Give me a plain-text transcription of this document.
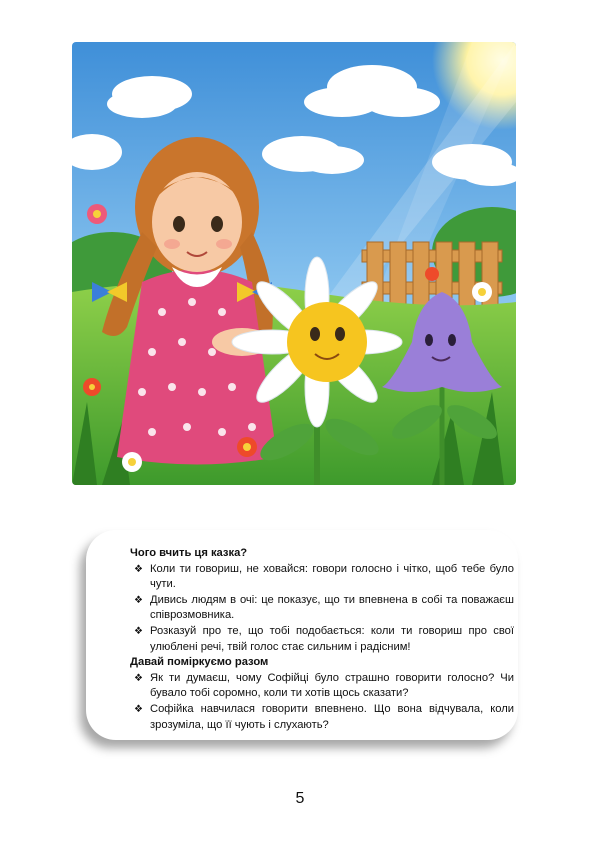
Чого вчить ця казка?

❖ Коли ти говориш, не ховайся: говори голосно і чітко, щоб тебе було чути.
❖ Дивись людям в очі: це показує, що ти впевнена в собі та поважаєш співрозмовника.
❖ Розказуй про те, що тобі подобається: коли ти говориш про свої улюблені речі, твій голос стає сильним і радісним!

Давай поміркуємо разом

❖ Як ти думаєш, чому Софійці було страшно говорити голосно? Чи бувало тобі соромно, коли ти хотів щось сказати?
❖ Софійка навчилася говорити впевнено. Що вона відчувала, коли зрозуміла, що її чують і слухають?
5
